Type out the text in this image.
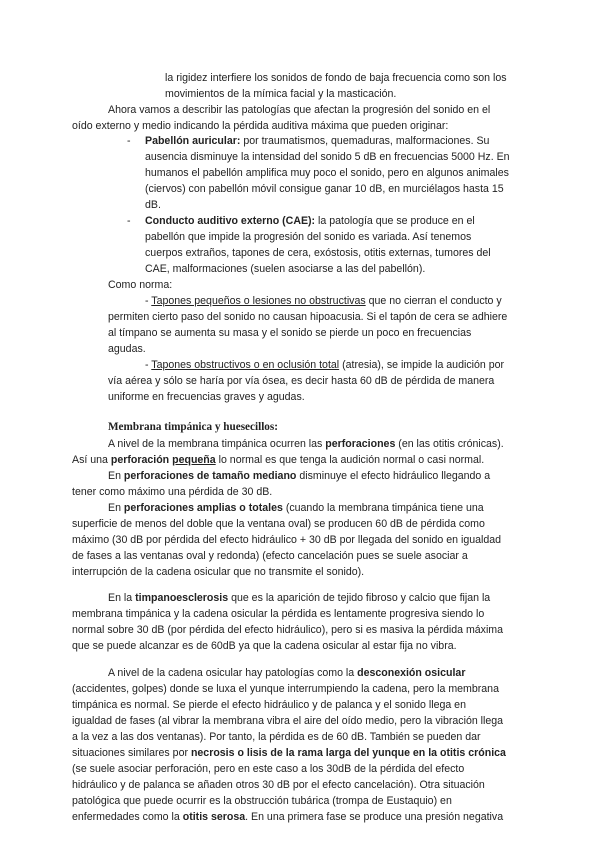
la rigidez interfiere los sonidos de fondo de baja frecuencia como son los
movimientos de la mímica facial y la masticación.
Ahora vamos a describir las patologías que afectan la progresión del sonido en el
oído externo y medio indicando la pérdida auditiva máxima que pueden originar:
- Pabellón auricular: por traumatismos, quemaduras, malformaciones. Su
ausencia disminuye la intensidad del sonido 5 dB en frecuencias 5000 Hz. En
humanos el pabellón amplifica muy poco el sonido, pero en algunos animales
(ciervos) con pabellón móvil consigue ganar 10 dB, en murciélagos hasta 15
dB.
- Conducto auditivo externo (CAE): la patología que se produce en el
pabellón que impide la progresión del sonido es variada. Así tenemos
cuerpos extraños, tapones de cera, exóstosis, otitis externas, tumores del
CAE, malformaciones (suelen asociarse a las del pabellón).
Como norma:
- Tapones pequeños o lesiones no obstructivas que no cierran el conducto y
permiten cierto paso del sonido no causan hipoacusia. Si el tapón de cera se adhiere
al tímpano se aumenta su masa y el sonido se pierde un poco en frecuencias
agudas.
- Tapones obstructivos o en oclusión total (atresia), se impide la audición por
vía aérea y sólo se haría por vía ósea, es decir hasta 60 dB de pérdida de manera
uniforme en frecuencias graves y agudas.
Membrana timpánica y huesecillos:
A nivel de la membrana timpánica ocurren las perforaciones (en las otitis crónicas).
Así una perforación pequeña lo normal es que tenga la audición normal o casi normal.
En perforaciones de tamaño mediano disminuye el efecto hidráulico llegando a
tener como máximo una pérdida de 30 dB.
En perforaciones amplias o totales (cuando la membrana timpánica tiene una
superficie de menos del doble que la ventana oval) se producen 60 dB de pérdida como
máximo (30 dB por pérdida del efecto hidráulico + 30 dB por llegada del sonido en igualdad
de fases a las ventanas oval y redonda) (efecto cancelación pues se suele asociar a
interrupción de la cadena osicular que no transmite el sonido).
En la timpanoesclerosis que es la aparición de tejido fibroso y calcio que fijan la
membrana timpánica y la cadena osicular la pérdida es lentamente progresiva siendo lo
normal sobre 30 dB (por pérdida del efecto hidráulico), pero si es masiva la pérdida máxima
que se puede alcanzar es de 60dB ya que la cadena osicular al estar fija no vibra.
A nivel de la cadena osicular hay patologías como la desconexión osicular
(accidentes, golpes) donde se luxa el yunque interrumpiendo la cadena, pero la membrana
timpánica es normal. Se pierde el efecto hidráulico y de palanca y el sonido llega en
igualdad de fases (al vibrar la membrana vibra el aire del oído medio, pero la vibración llega
a la vez a las dos ventanas). Por tanto, la pérdida es de 60 dB. También se pueden dar
situaciones similares por necrosis o lisis de la rama larga del yunque en la otitis crónica
(se suele asociar perforación, pero en este caso a los 30dB de la pérdida del efecto
hidráulico y de palanca se añaden otros 30 dB por el efecto cancelación). Otra situación
patológica que puede ocurrir es la obstrucción tubárica (trompa de Eustaquio) en
enfermedades como la otitis serosa. En una primera fase se produce una presión negativa
